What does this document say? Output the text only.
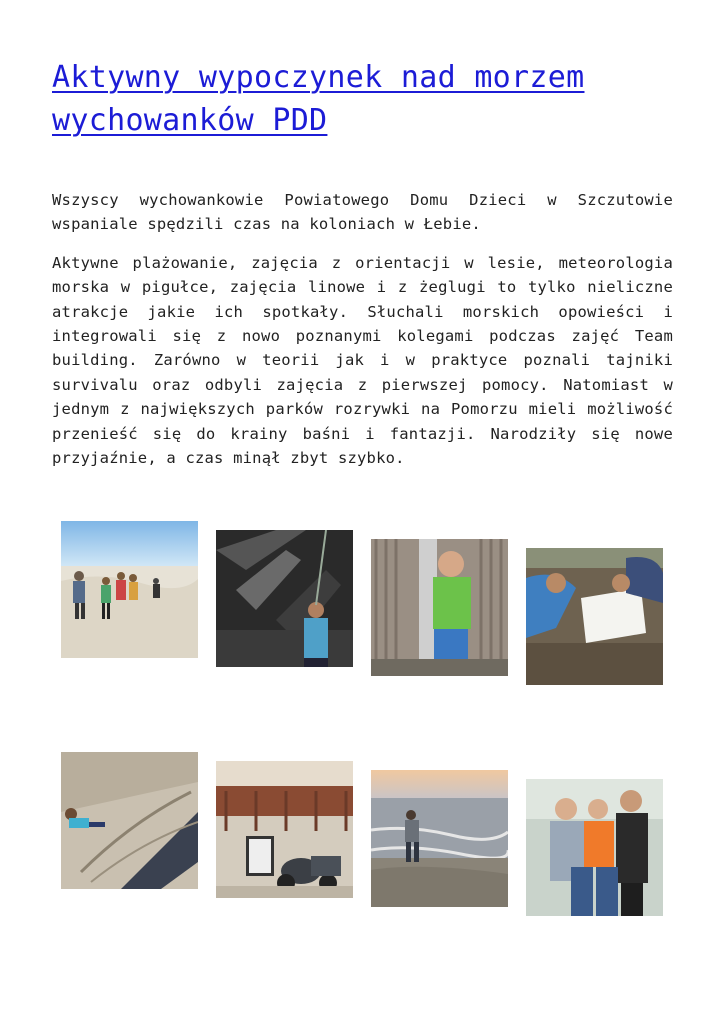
Aktywny wypoczynek nad morzem wychowanków PDD

Wszyscy wychowankowie Powiatowego Domu Dzieci w Szczutowie wspaniale spędzili czas na koloniach w Łebie.

Aktywne plażowanie, zajęcia z orientacji w lesie, meteorologia morska w pigułce, zajęcia linowe i z żeglugi to tylko nieliczne atrakcje jakie ich spotkały. Słuchali morskich opowieści i integrowali się z nowo poznanymi kolegami podczas zajęć Team building. Zarówno w teorii jak i w praktyce poznali tajniki survivalu oraz odbyli zajęcia z pierwszej pomocy. Natomiast w jednym z największych parków rozrywki na Pomorzu mieli możliwość przenieść się do krainy baśni i fantazji. Narodziły się nowe przyjaźnie, a czas minął zbyt szybko.
